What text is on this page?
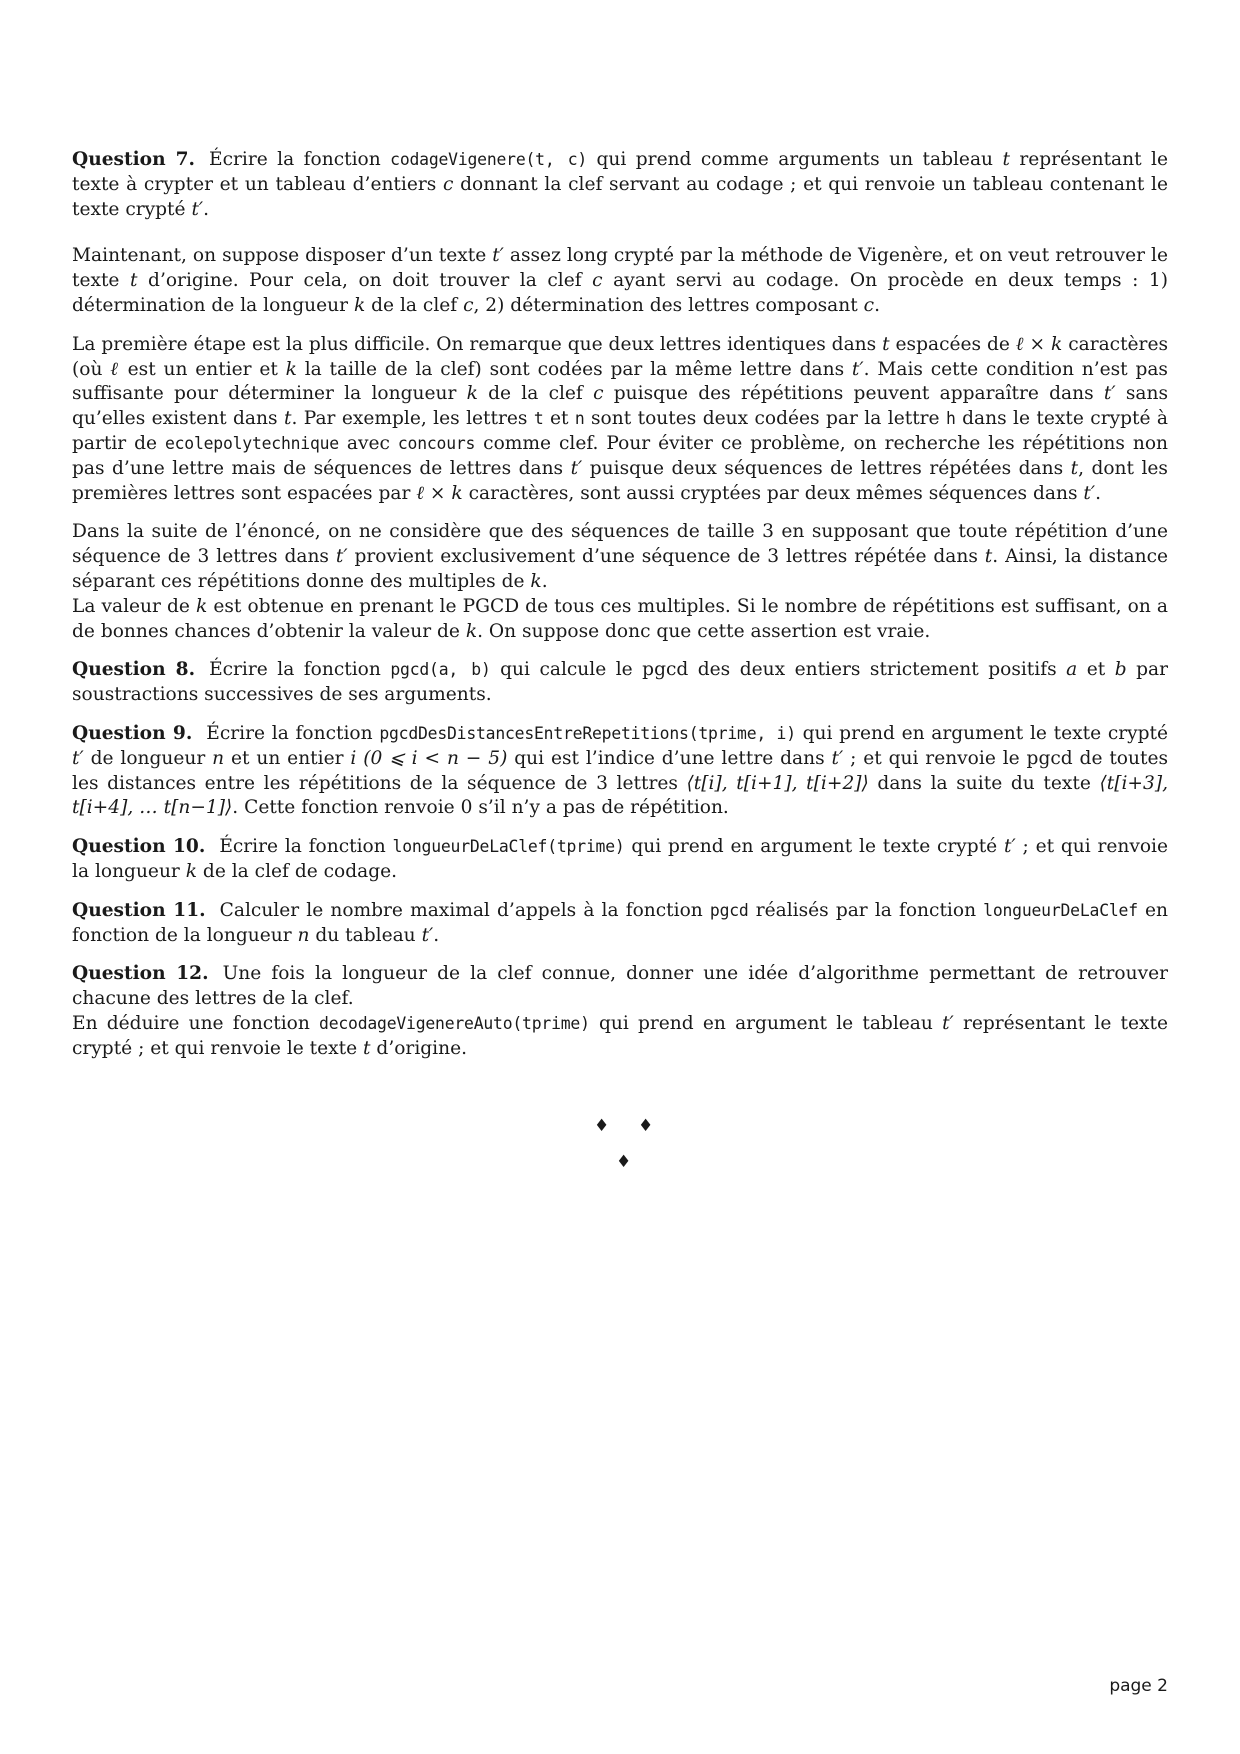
Question 7. Écrire la fonction codageVigenere(t, c) qui prend comme arguments un tableau t représentant le texte à crypter et un tableau d’entiers c donnant la clef servant au codage ; et qui renvoie un tableau contenant le texte crypté t′.

Maintenant, on suppose disposer d’un texte t′ assez long crypté par la méthode de Vigenère, et on veut retrouver le texte t d’origine. Pour cela, on doit trouver la clef c ayant servi au codage. On procède en deux temps : 1) détermination de la longueur k de la clef c, 2) détermination des lettres composant c.

La première étape est la plus difficile. On remarque que deux lettres identiques dans t espacées de ℓ × k caractères (où ℓ est un entier et k la taille de la clef) sont codées par la même lettre dans t′. Mais cette condition n’est pas suffisante pour déterminer la longueur k de la clef c puisque des répétitions peuvent apparaître dans t′ sans qu’elles existent dans t. Par exemple, les lettres t et n sont toutes deux codées par la lettre h dans le texte crypté à partir de ecolepolytechnique avec concours comme clef. Pour éviter ce problème, on recherche les répétitions non pas d’une lettre mais de séquences de lettres dans t′ puisque deux séquences de lettres répétées dans t, dont les premières lettres sont espacées par ℓ × k caractères, sont aussi cryptées par deux mêmes séquences dans t′.

Dans la suite de l’énoncé, on ne considère que des séquences de taille 3 en supposant que toute répétition d’une séquence de 3 lettres dans t′ provient exclusivement d’une séquence de 3 lettres répétée dans t. Ainsi, la distance séparant ces répétitions donne des multiples de k.
La valeur de k est obtenue en prenant le PGCD de tous ces multiples. Si le nombre de répétitions est suffisant, on a de bonnes chances d’obtenir la valeur de k. On suppose donc que cette assertion est vraie.

Question 8. Écrire la fonction pgcd(a, b) qui calcule le pgcd des deux entiers strictement positifs a et b par soustractions successives de ses arguments.

Question 9. Écrire la fonction pgcdDesDistancesEntreRepetitions(tprime, i) qui prend en argument le texte crypté t′ de longueur n et un entier i (0 ⩽ i < n − 5) qui est l’indice d’une lettre dans t′ ; et qui renvoie le pgcd de toutes les distances entre les répétitions de la séquence de 3 lettres ⟨t[i], t[i+1], t[i+2]⟩ dans la suite du texte ⟨t[i+3], t[i+4], … t[n−1]⟩. Cette fonction renvoie 0 s’il n’y a pas de répétition.

Question 10. Écrire la fonction longueurDeLaClef(tprime) qui prend en argument le texte crypté t′ ; et qui renvoie la longueur k de la clef de codage.

Question 11. Calculer le nombre maximal d’appels à la fonction pgcd réalisés par la fonction longueurDeLaClef en fonction de la longueur n du tableau t′.

Question 12. Une fois la longueur de la clef connue, donner une idée d’algorithme permettant de retrouver chacune des lettres de la clef.
En déduire une fonction decodageVigenereAuto(tprime) qui prend en argument le tableau t′ représentant le texte crypté ; et qui renvoie le texte t d’origine.

♦ ♦
♦
page 2
